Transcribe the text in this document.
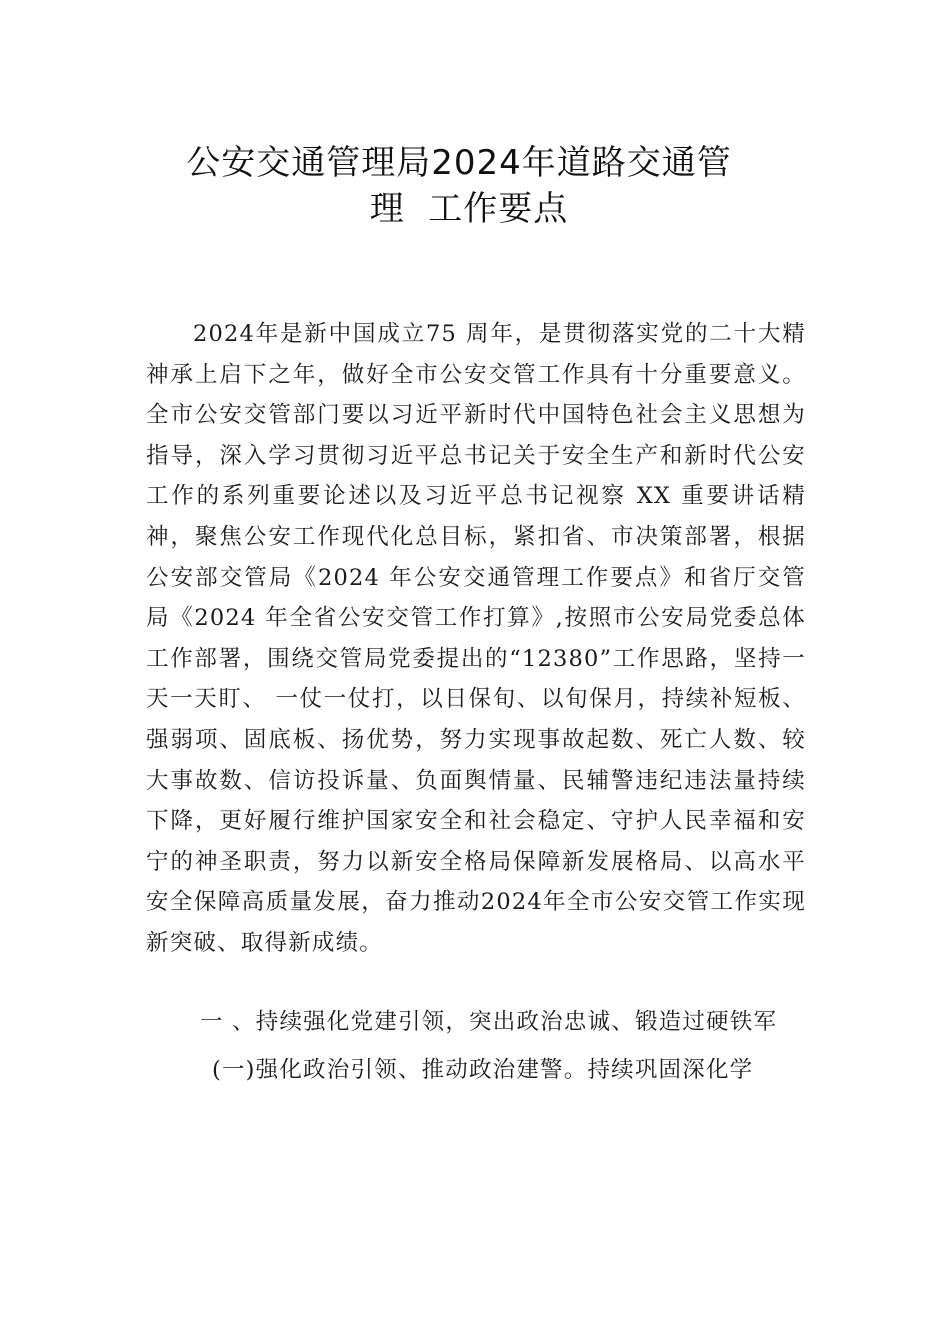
公安交通管理局2024年道路交通管
理  工作要点
2024年是新中国成立75 周年，是贯彻落实党的二十大精神承上启下之年，做好全市公安交管工作具有十分重要意义。全市公安交管部门要以习近平新时代中国特色社会主义思想为指导，深入学习贯彻习近平总书记关于安全生产和新时代公安工作的系列重要论述以及习近平总书记视察 XX 重要讲话精神，聚焦公安工作现代化总目标，紧扣省、市决策部署，根据公安部交管局《2024 年公安交通管理工作要点》和省厅交管局《2024 年全省公安交管工作打算》,按照市公安局党委总体工作部署，围绕交管局党委提出的“12380”工作思路，坚持一天一天盯、 一仗一仗打，以日保旬、以旬保月，持续补短板、强弱项、固底板、扬优势，努力实现事故起数、死亡人数、较大事故数、信访投诉量、负面舆情量、民辅警违纪违法量持续下降，更好履行维护国家安全和社会稳定、守护人民幸福和安宁的神圣职责，努力以新安全格局保障新发展格局、以高水平安全保障高质量发展，奋力推动2024年全市公安交管工作实现新突破、取得新成绩。
一 、持续强化党建引领，突出政治忠诚、锻造过硬铁军
(一)强化政治引领、推动政治建警。持续巩固深化学
